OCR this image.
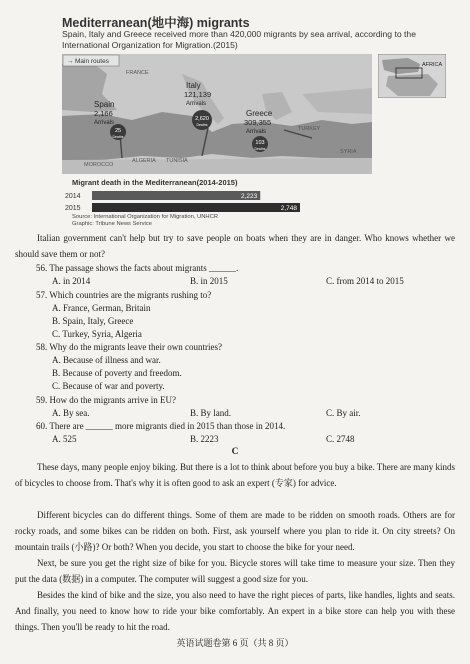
Mediterranean(地中海) migrants
Spain, Italy and Greece received more than 420,000 migrants by sea arrival, according to the International Organization for Migration.(2015)
→ Main routes
FRANCE
MOROCCO
ALGERIA TUNISIA
TURKEY
SYRIA
Spain
2,166
Arrivals
25
Deaths
Italy
121,139
Arrivals
2,620
Deaths
Greece
309,355
Arrivals
103
Deaths
AFRICA
Migrant death in the Mediterranean(2014-2015)
2014	2,223
2015	2,748
Source: International Organization for Migration, UNHCR
Graphic: Tribune News Service
Italian government can't help but try to save people on boats when they are in danger. Who knows whether we should save them or not?
56. The passage shows the facts about migrants ______.
A. in 2014	B. in 2015	C. from 2014 to 2015
57. Which countries are the migrants rushing to?
A. France, German, Britain
B. Spain, Italy, Greece
C. Turkey, Syria, Algeria
58. Why do the migrants leave their own countries?
A. Because of illness and war.
B. Because of poverty and freedom.
C. Because of war and poverty.
59. How do the migrants arrive in EU?
A. By sea.	B. By land.	C. By air.
60. There are ______ more migrants died in 2015 than those in 2014.
A. 525	B. 2223	C. 2748
C
These days, many people enjoy biking. But there is a lot to think about before you buy a bike. There are many kinds of bicycles to choose from. That's why it is often good to ask an expert (专家) for advice.
Different bicycles can do different things. Some of them are made to be ridden on smooth roads. Others are for rocky roads, and some bikes can be ridden on both. First, ask yourself where you plan to ride it. On city streets? On mountain trails (小路)? Or both? When you decide, you start to choose the bike for your need.
Next, be sure you get the right size of bike for you. Bicycle stores will take time to measure your size. Then they put the data (数据) in a computer. The computer will suggest a good size for you.
Besides the kind of bike and the size, you also need to have the right pieces of parts, like handles, lights and seats. And finally, you need to know how to ride your bike comfortably. An expert in a bike store can help you with these things. Then you'll be ready to hit the road.
英语试题卷第 6 页（共 8 页）
